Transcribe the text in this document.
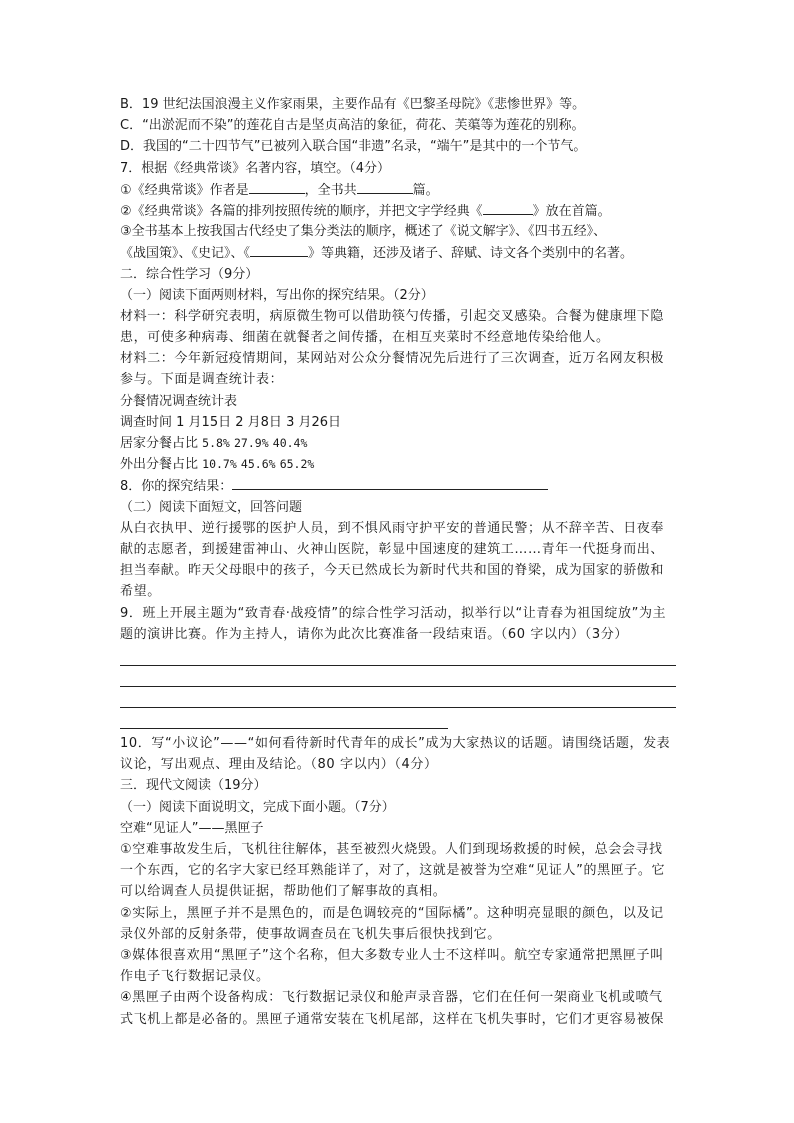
B．19 世纪法国浪漫主义作家雨果，主要作品有《巴黎圣母院》《悲惨世界》等。
C．“出淤泥而不染”的莲花自古是坚贞高洁的象征，荷花、芙蕖等为莲花的别称。
D．我国的“二十四节气”已被列入联合国“非遗”名录，“端午”是其中的一个节气。
7．根据《经典常谈》名著内容，填空。（4分）
①《经典常谈》作者是	，全书共	篇。
②《经典常谈》各篇的排列按照传统的顺序，并把文字学经典《	》放在首篇。
③全书基本上按我国古代经史了集分类法的顺序，概述了《说文解字》、《四书五经》、
《战国策》、《史记》、《	》等典籍，还涉及诸子、辞赋、诗文各个类别中的名著。
二．综合性学习（9分）
（一）阅读下面两则材料，写出你的探究结果。（2分）
材料一：科学研究表明，病原微生物可以借助筷勺传播，引起交叉感染。合餐为健康埋下隐患，可使多种病毒、细菌在就餐者之间传播，在相互夹菜时不经意地传染给他人。
材料二：今年新冠疫情期间，某网站对公众分餐情况先后进行了三次调查，近万名网友积极参与。下面是调查统计表：
分餐情况调查统计表
调查时间 1 月15日 2 月8日 3 月26日
居家分餐占比 5.8% 27.9% 40.4%
外出分餐占比 10.7% 45.6% 65.2%
8．你的探究结果：
（二）阅读下面短文，回答问题
从白衣执甲、逆行援鄂的医护人员，到不惧风雨守护平安的普通民警；从不辞辛苦、日夜奉献的志愿者，到援建雷神山、火神山医院，彰显中国速度的建筑工……青年一代挺身而出、担当奉献。昨天父母眼中的孩子，今天已然成长为新时代共和国的脊梁，成为国家的骄傲和希望。
9．班上开展主题为“致青春·战疫情”的综合性学习活动，拟举行以“让青春为祖国绽放”为主题的演讲比赛。作为主持人，请你为此次比赛准备一段结束语。（60 字以内）（3分）
10．写“小议论”——“如何看待新时代青年的成长”成为大家热议的话题。请围绕话题，发表议论，写出观点、理由及结论。（80 字以内）（4分）
三．现代文阅读（19分）
（一）阅读下面说明文，完成下面小题。（7分）
空难“见证人”——黑匣子
①空难事故发生后，飞机往往解体，甚至被烈火烧毁。人们到现场救援的时候，总会会寻找一个东西，它的名字大家已经耳熟能详了，对了，这就是被誉为空难“见证人”的黑匣子。它可以给调查人员提供证据，帮助他们了解事故的真相。
②实际上，黑匣子并不是黑色的，而是色调较亮的“国际橘”。这种明亮显眼的颜色，以及记录仪外部的反射条带，使事故调查员在飞机失事后很快找到它。
③媒体很喜欢用“黑匣子”这个名称，但大多数专业人士不这样叫。航空专家通常把黑匣子叫作电子飞行数据记录仪。
④黑匣子由两个设备构成：飞行数据记录仪和舱声录音器，它们在任何一架商业飞机或喷气式飞机上都是必备的。黑匣子通常安装在飞机尾部，这样在飞机失事时，它们才更容易被保
